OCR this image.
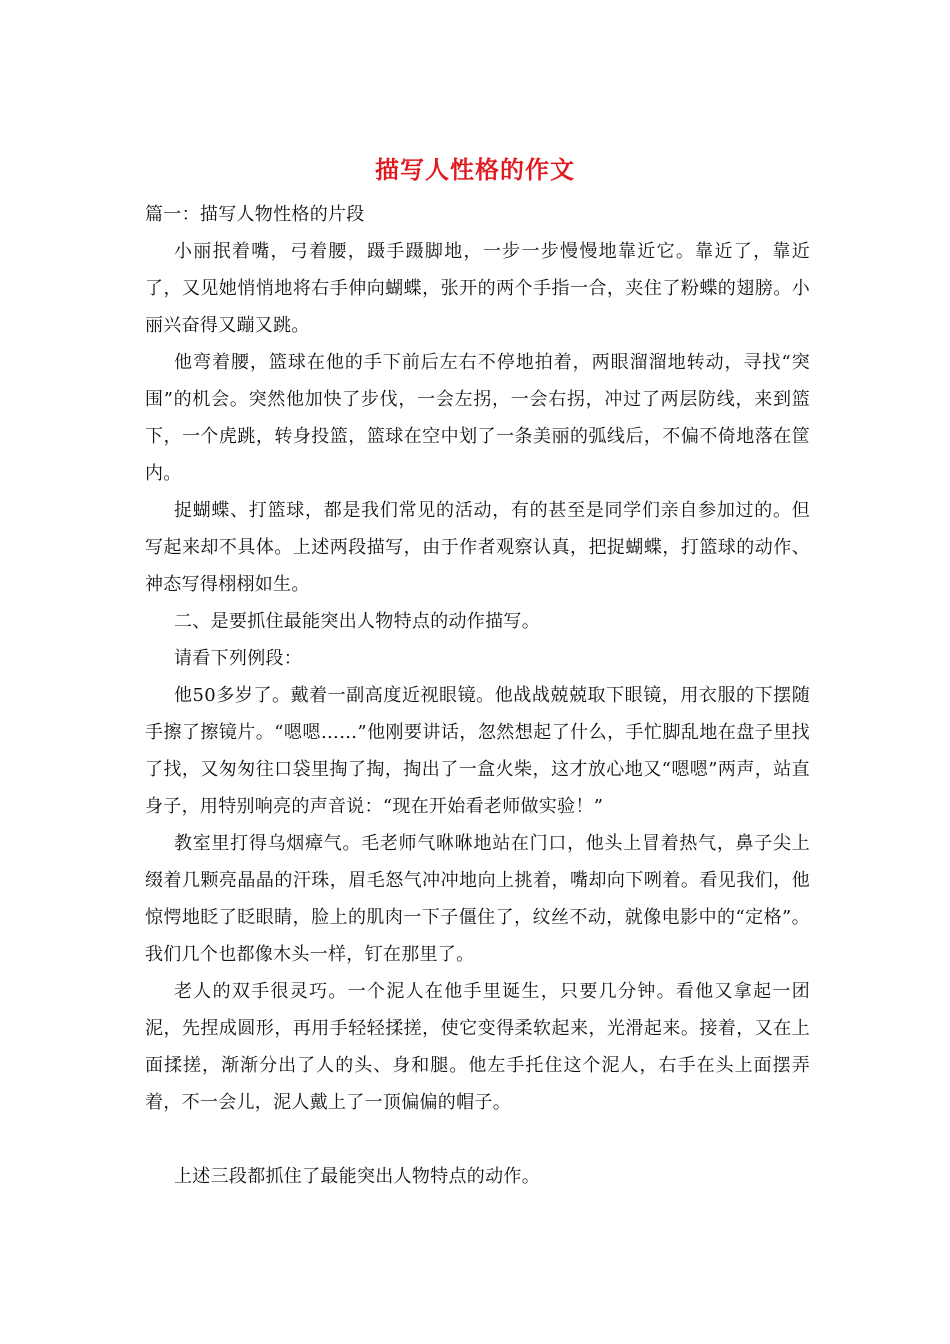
描写人性格的作文

篇一：描写人物性格的片段

小丽抿着嘴，弓着腰，蹑手蹑脚地，一步一步慢慢地靠近它。靠近了，靠近了，又见她悄悄地将右手伸向蝴蝶，张开的两个手指一合，夹住了粉蝶的翅膀。小丽兴奋得又蹦又跳。

他弯着腰，篮球在他的手下前后左右不停地拍着，两眼溜溜地转动，寻找“突围”的机会。突然他加快了步伐，一会左拐，一会右拐，冲过了两层防线，来到篮下，一个虎跳，转身投篮，篮球在空中划了一条美丽的弧线后，不偏不倚地落在筐内。

捉蝴蝶、打篮球，都是我们常见的活动，有的甚至是同学们亲自参加过的。但写起来却不具体。上述两段描写，由于作者观察认真，把捉蝴蝶，打篮球的动作、神态写得栩栩如生。

二、是要抓住最能突出人物特点的动作描写。

请看下列例段：

他50多岁了。戴着一副高度近视眼镜。他战战兢兢取下眼镜，用衣服的下摆随手擦了擦镜片。“嗯嗯……”他刚要讲话，忽然想起了什么，手忙脚乱地在盘子里找了找，又匆匆往口袋里掏了掏，掏出了一盒火柴，这才放心地又“嗯嗯”两声，站直身子，用特别响亮的声音说：“现在开始看老师做实验！”

教室里打得乌烟瘴气。毛老师气咻咻地站在门口，他头上冒着热气，鼻子尖上缀着几颗亮晶晶的汗珠，眉毛怒气冲冲地向上挑着，嘴却向下咧着。看见我们，他惊愕地眨了眨眼睛，脸上的肌肉一下子僵住了，纹丝不动，就像电影中的“定格”。我们几个也都像木头一样，钉在那里了。

老人的双手很灵巧。一个泥人在他手里诞生，只要几分钟。看他又拿起一团泥，先捏成圆形，再用手轻轻揉搓，使它变得柔软起来，光滑起来。接着，又在上面揉搓，渐渐分出了人的头、身和腿。他左手托住这个泥人，右手在头上面摆弄着，不一会儿，泥人戴上了一顶偏偏的帽子。

上述三段都抓住了最能突出人物特点的动作。
